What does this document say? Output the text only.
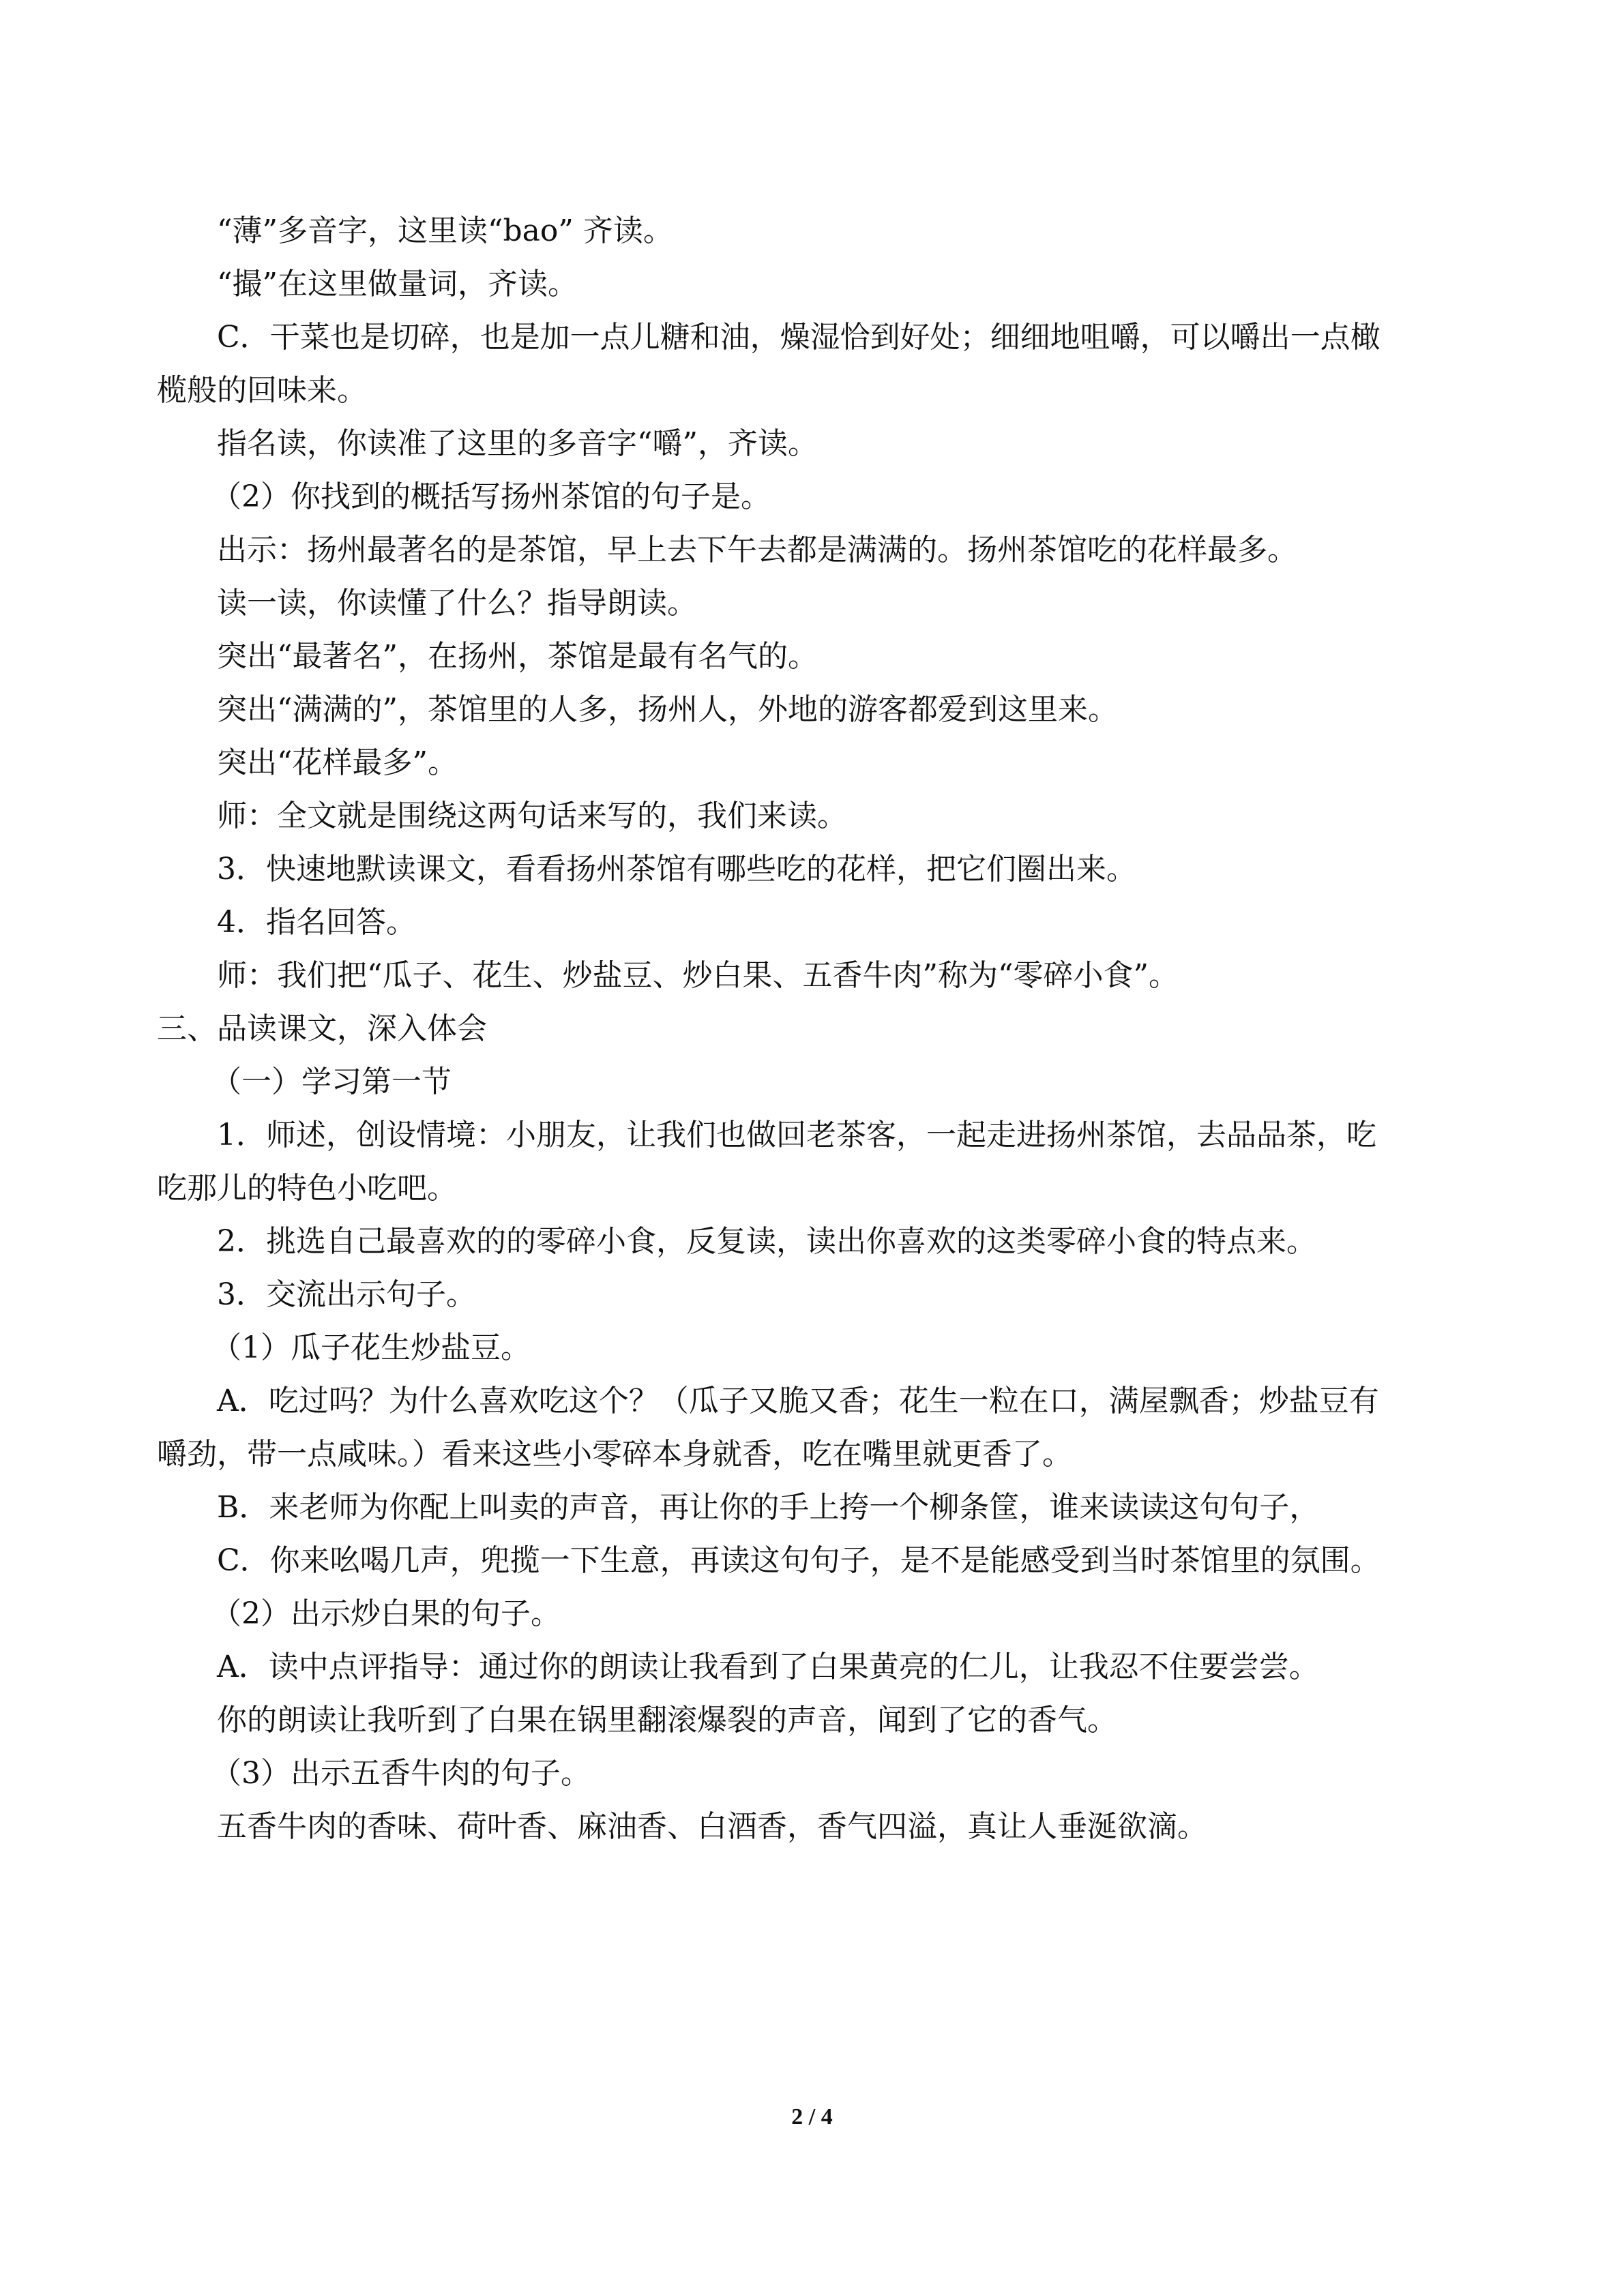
“薄”多音字，这里读“bao” 齐读。
“撮”在这里做量词，齐读。
C．干菜也是切碎，也是加一点儿糖和油，燥湿恰到好处；细细地咀嚼，可以嚼出一点橄
榄般的回味来。
指名读，你读准了这里的多音字“嚼”，齐读。
（2）你找到的概括写扬州茶馆的句子是。
出示：扬州最著名的是茶馆，早上去下午去都是满满的。扬州茶馆吃的花样最多。
读一读，你读懂了什么？指导朗读。
突出“最著名”，在扬州，茶馆是最有名气的。
突出“满满的”，茶馆里的人多，扬州人，外地的游客都爱到这里来。
突出“花样最多”。
师：全文就是围绕这两句话来写的，我们来读。
3．快速地默读课文，看看扬州茶馆有哪些吃的花样，把它们圈出来。
4．指名回答。
师：我们把“瓜子、花生、炒盐豆、炒白果、五香牛肉”称为“零碎小食”。
三、品读课文，深入体会
（一）学习第一节
1．师述，创设情境：小朋友，让我们也做回老茶客，一起走进扬州茶馆，去品品茶，吃
吃那儿的特色小吃吧。
2．挑选自己最喜欢的的零碎小食，反复读，读出你喜欢的这类零碎小食的特点来。
3．交流出示句子。
（1）瓜子花生炒盐豆。
A．吃过吗？为什么喜欢吃这个？（瓜子又脆又香；花生一粒在口，满屋飘香；炒盐豆有
嚼劲，带一点咸味。）看来这些小零碎本身就香，吃在嘴里就更香了。
B．来老师为你配上叫卖的声音，再让你的手上挎一个柳条筐，谁来读读这句句子，
C．你来吆喝几声，兜揽一下生意，再读这句句子，是不是能感受到当时茶馆里的氛围。
（2）出示炒白果的句子。
A．读中点评指导：通过你的朗读让我看到了白果黄亮的仁儿，让我忍不住要尝尝。
你的朗读让我听到了白果在锅里翻滚爆裂的声音，闻到了它的香气。
（3）出示五香牛肉的句子。
五香牛肉的香味、荷叶香、麻油香、白酒香，香气四溢，真让人垂涎欲滴。
2 / 4
